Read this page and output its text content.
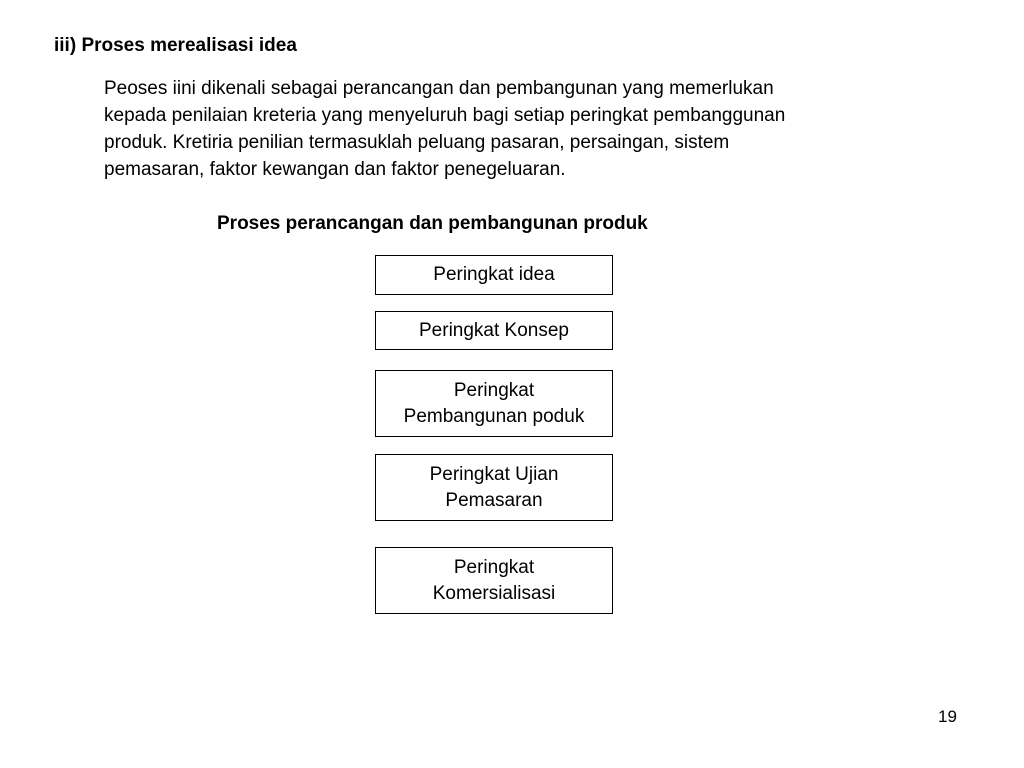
iii) Proses merealisasi idea
Peoses iini dikenali sebagai perancangan dan pembangunan yang memerlukan
kepada penilaian kreteria yang menyeluruh bagi setiap peringkat pembanggunan
produk. Kretiria penilian termasuklah peluang pasaran, persaingan, sistem
pemasaran, faktor kewangan dan faktor penegeluaran.
Proses perancangan dan pembangunan produk
Peringkat idea
Peringkat Konsep
Peringkat
Pembangunan poduk
Peringkat Ujian
Pemasaran
Peringkat
Komersialisasi
19
